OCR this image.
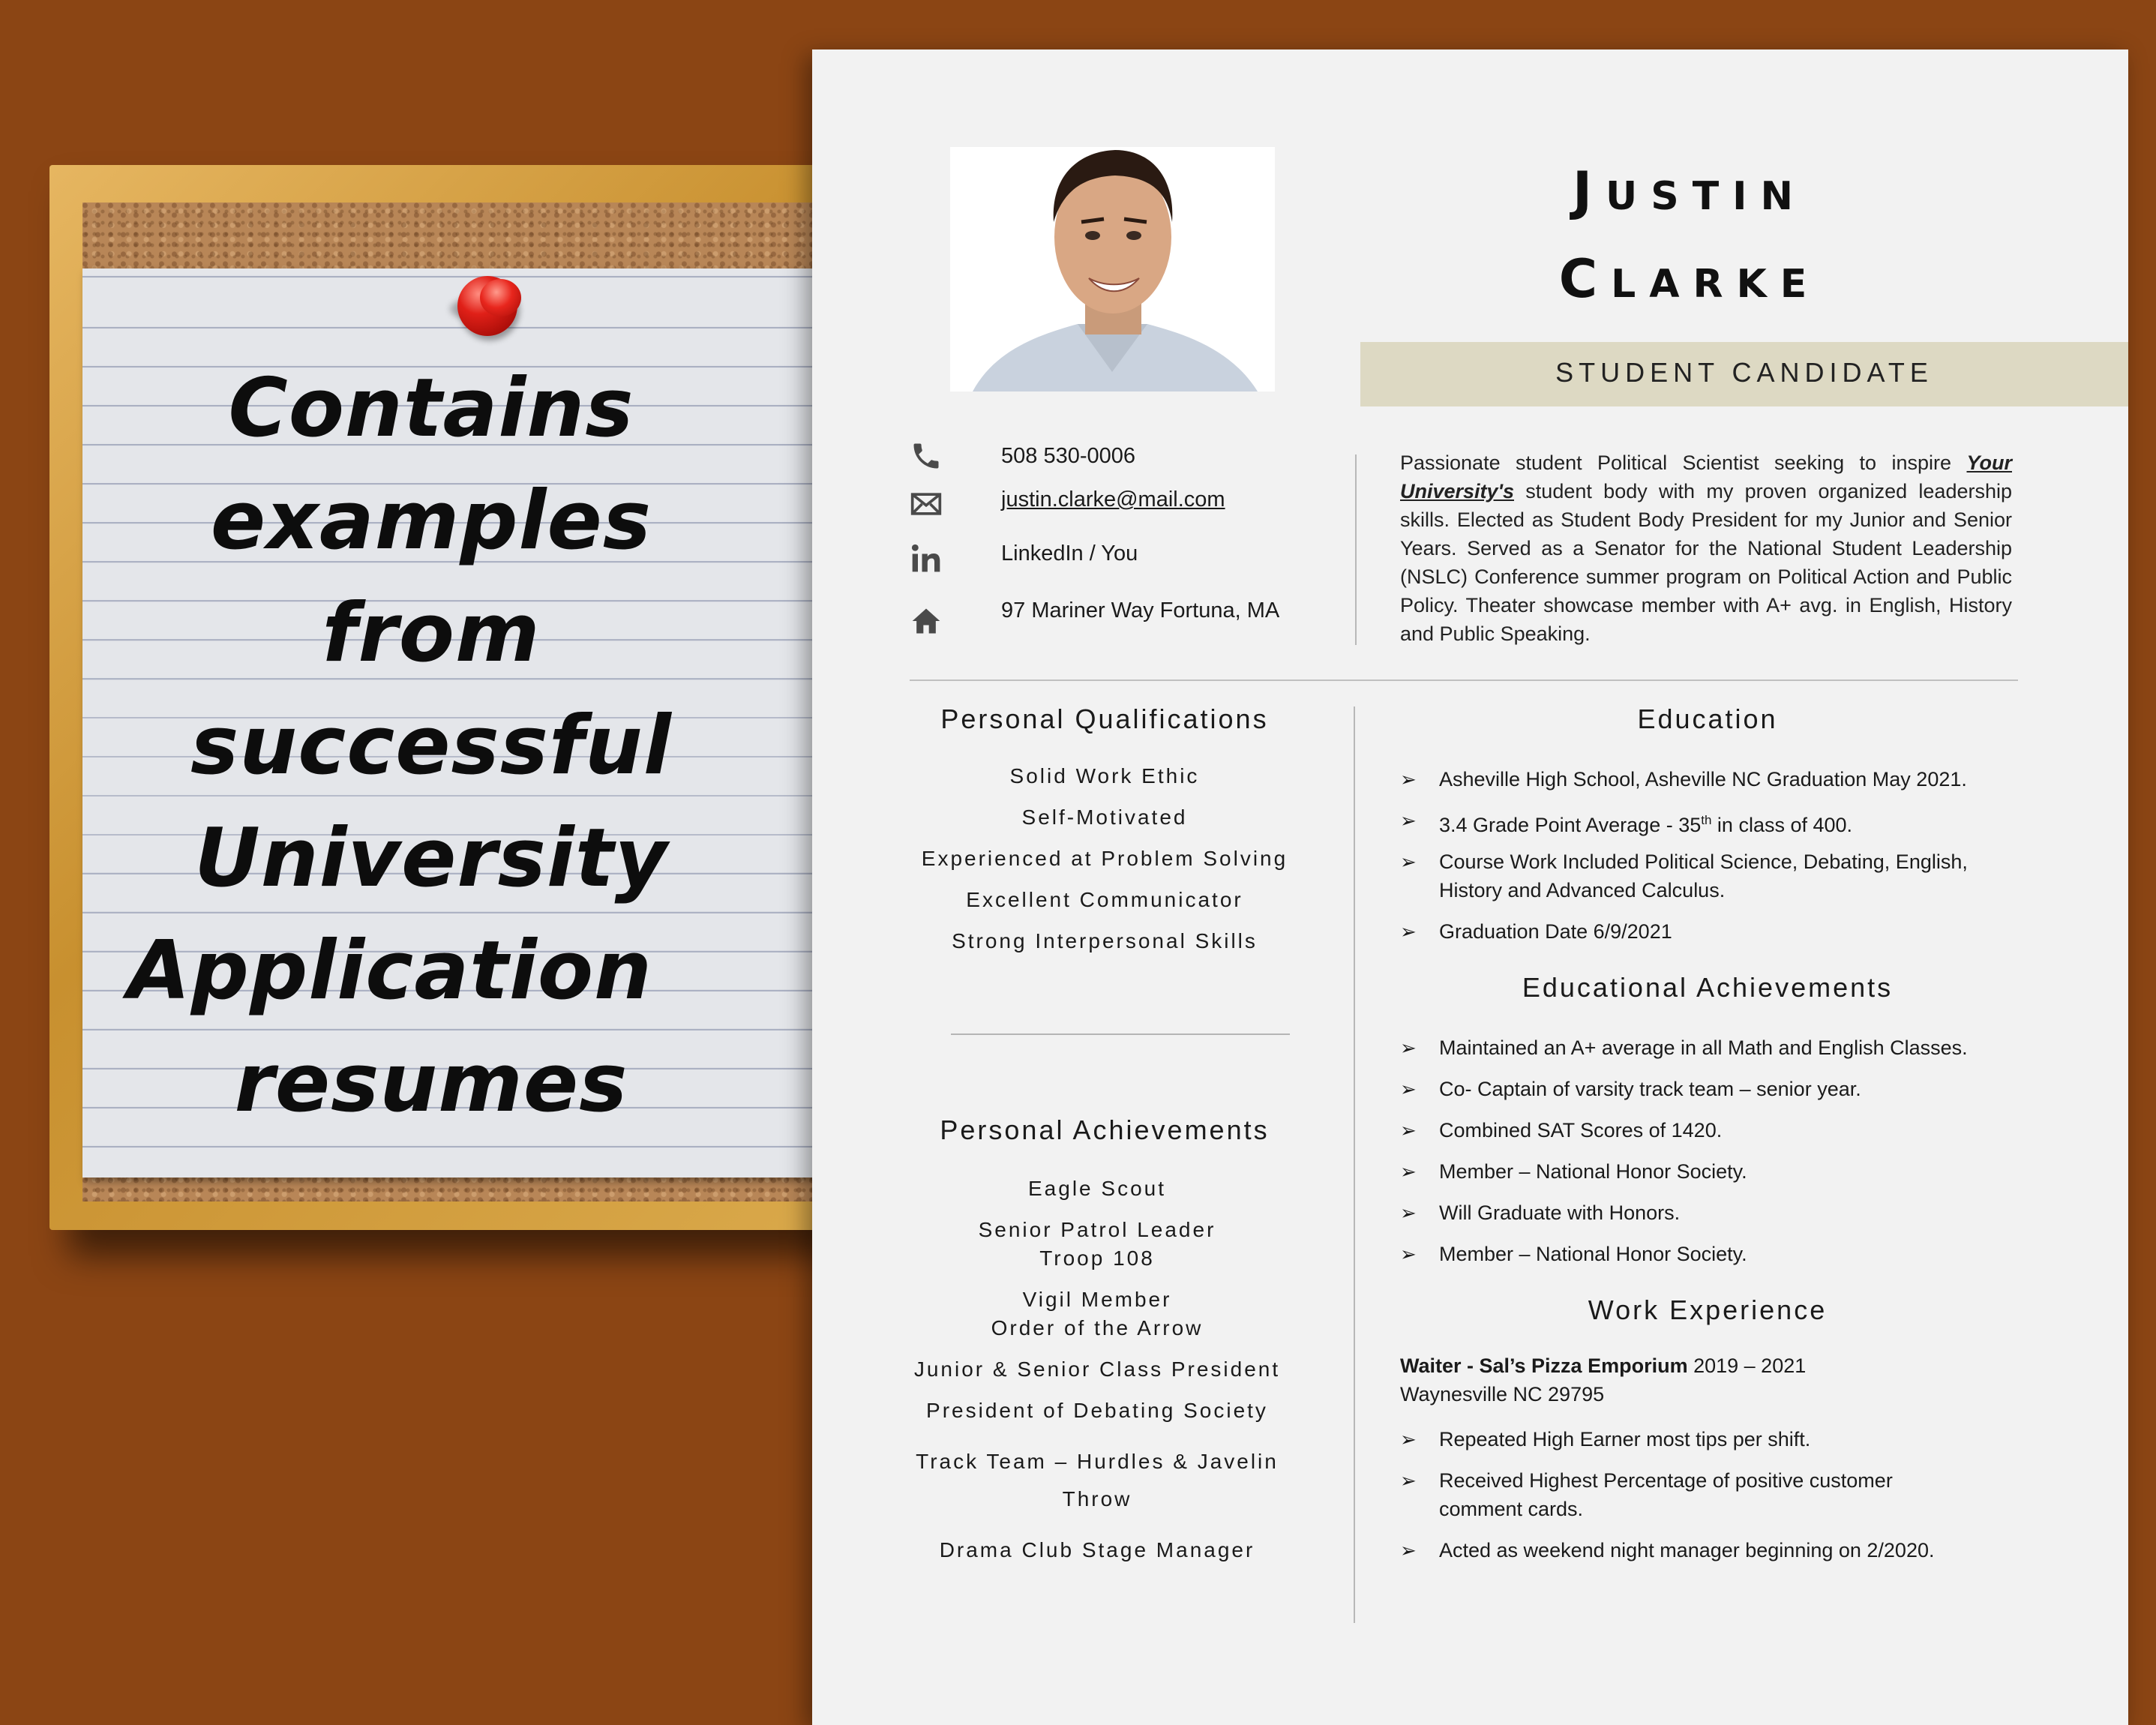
Contains
examples
from
successful
University
Application
resumes
JUSTIN
CLARKE
STUDENT CANDIDATE
508 530-0006
justin.clarke@mail.com
LinkedIn / You
97 Mariner Way Fortuna, MA
Passionate student Political Scientist seeking to inspire Your University's student body with my proven organized leadership skills. Elected as Student Body President for my Junior and Senior Years. Served as a Senator for the National Student Leadership (NSLC) Conference summer program on Political Action and Public Policy. Theater showcase member with A+ avg. in English, History and Public Speaking.
Personal Qualifications
Solid Work Ethic
Self-Motivated
Experienced at Problem Solving
Excellent Communicator
Strong Interpersonal Skills
Personal Achievements
Eagle Scout
Senior Patrol Leader
Troop 108
Vigil Member
Order of the Arrow
Junior & Senior Class President
President of Debating Society
Track Team – Hurdles & Javelin
Throw
Drama Club Stage Manager
Education
➢ Asheville High School, Asheville NC Graduation May 2021.
➢ 3.4 Grade Point Average - 35th in class of 400.
➢ Course Work Included Political Science, Debating, English, History and Advanced Calculus.
➢ Graduation Date 6/9/2021
Educational Achievements
➢ Maintained an A+ average in all Math and English Classes.
➢ Co- Captain of varsity track team – senior year.
➢ Combined SAT Scores of 1420.
➢ Member – National Honor Society.
➢ Will Graduate with Honors.
➢ Member – National Honor Society.
Work Experience
Waiter - Sal’s Pizza Emporium 2019 – 2021
Waynesville NC 29795
➢ Repeated High Earner most tips per shift.
➢ Received Highest Percentage of positive customer comment cards.
➢ Acted as weekend night manager beginning on 2/2020.
